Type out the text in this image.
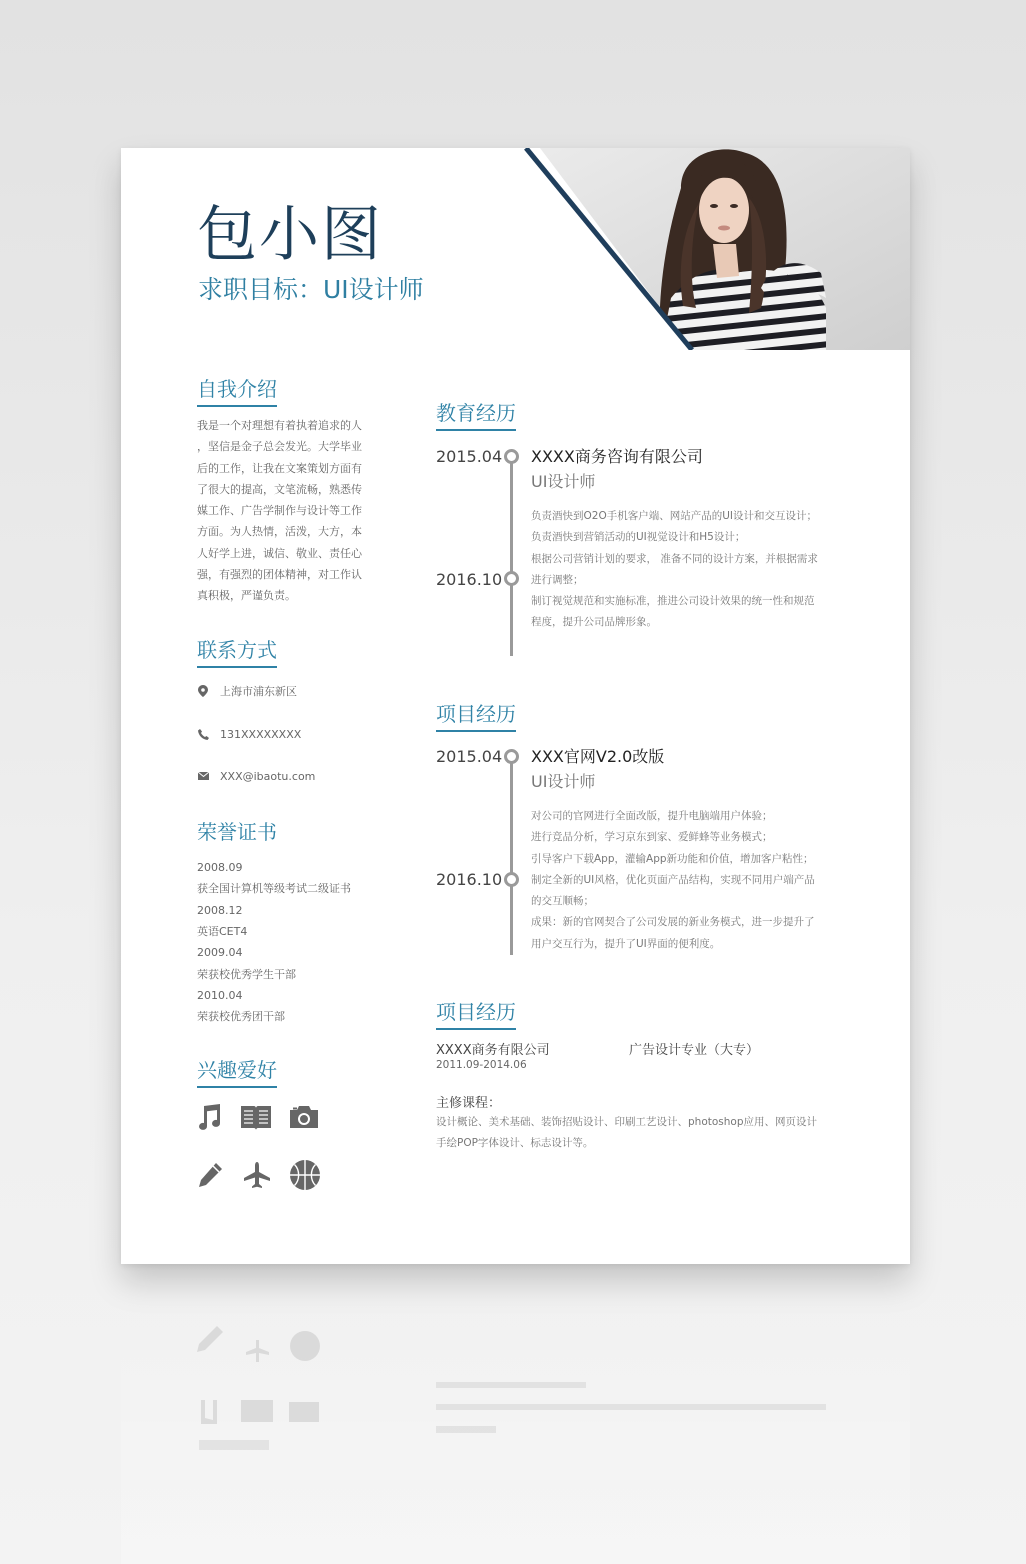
包小图
求职目标：UI设计师
自我介绍
我是一个对理想有着执着追求的人
，坚信是金子总会发光。大学毕业
后的工作，让我在文案策划方面有
了很大的提高，文笔流畅，熟悉传
媒工作、广告学制作与设计等工作
方面。为人热情，活泼，大方，本
人好学上进，诚信、敬业、责任心
强，有强烈的团体精神，对工作认
真积极，严谨负责。
联系方式
上海市浦东新区
131XXXXXXXX
XXX@ibaotu.com
荣誉证书
2008.09
获全国计算机等级考试二级证书
2008.12
英语CET4
2009.04
荣获校优秀学生干部
2010.04
荣获校优秀团干部
兴趣爱好
教育经历
2015.04
2016.10
XXXX商务咨询有限公司
UI设计师
负责酒快到O2O手机客户端、网站产品的UI设计和交互设计；
负责酒快到营销活动的UI视觉设计和H5设计；
根据公司营销计划的要求， 准备不同的设计方案，并根据需求
进行调整；
制订视觉规范和实施标准，推进公司设计效果的统一性和规范
程度，提升公司品牌形象。
项目经历
2015.04
2016.10
XXX官网V2.0改版
UI设计师
对公司的官网进行全面改版，提升电脑端用户体验；
进行竞品分析，学习京东到家、爱鲜蜂等业务模式；
引导客户下载App，灌输App新功能和价值，增加客户粘性；
制定全新的UI风格，优化页面产品结构，实现不同用户端产品
的交互顺畅；
成果：新的官网契合了公司发展的新业务模式，进一步提升了
用户交互行为，提升了UI界面的便利度。
项目经历
XXXX商务有限公司	广告设计专业（大专）
2011.09-2014.06
主修课程：
设计概论、美术基础、装饰招贴设计、印刷工艺设计、photoshop应用、网页设计
手绘POP字体设计、标志设计等。
